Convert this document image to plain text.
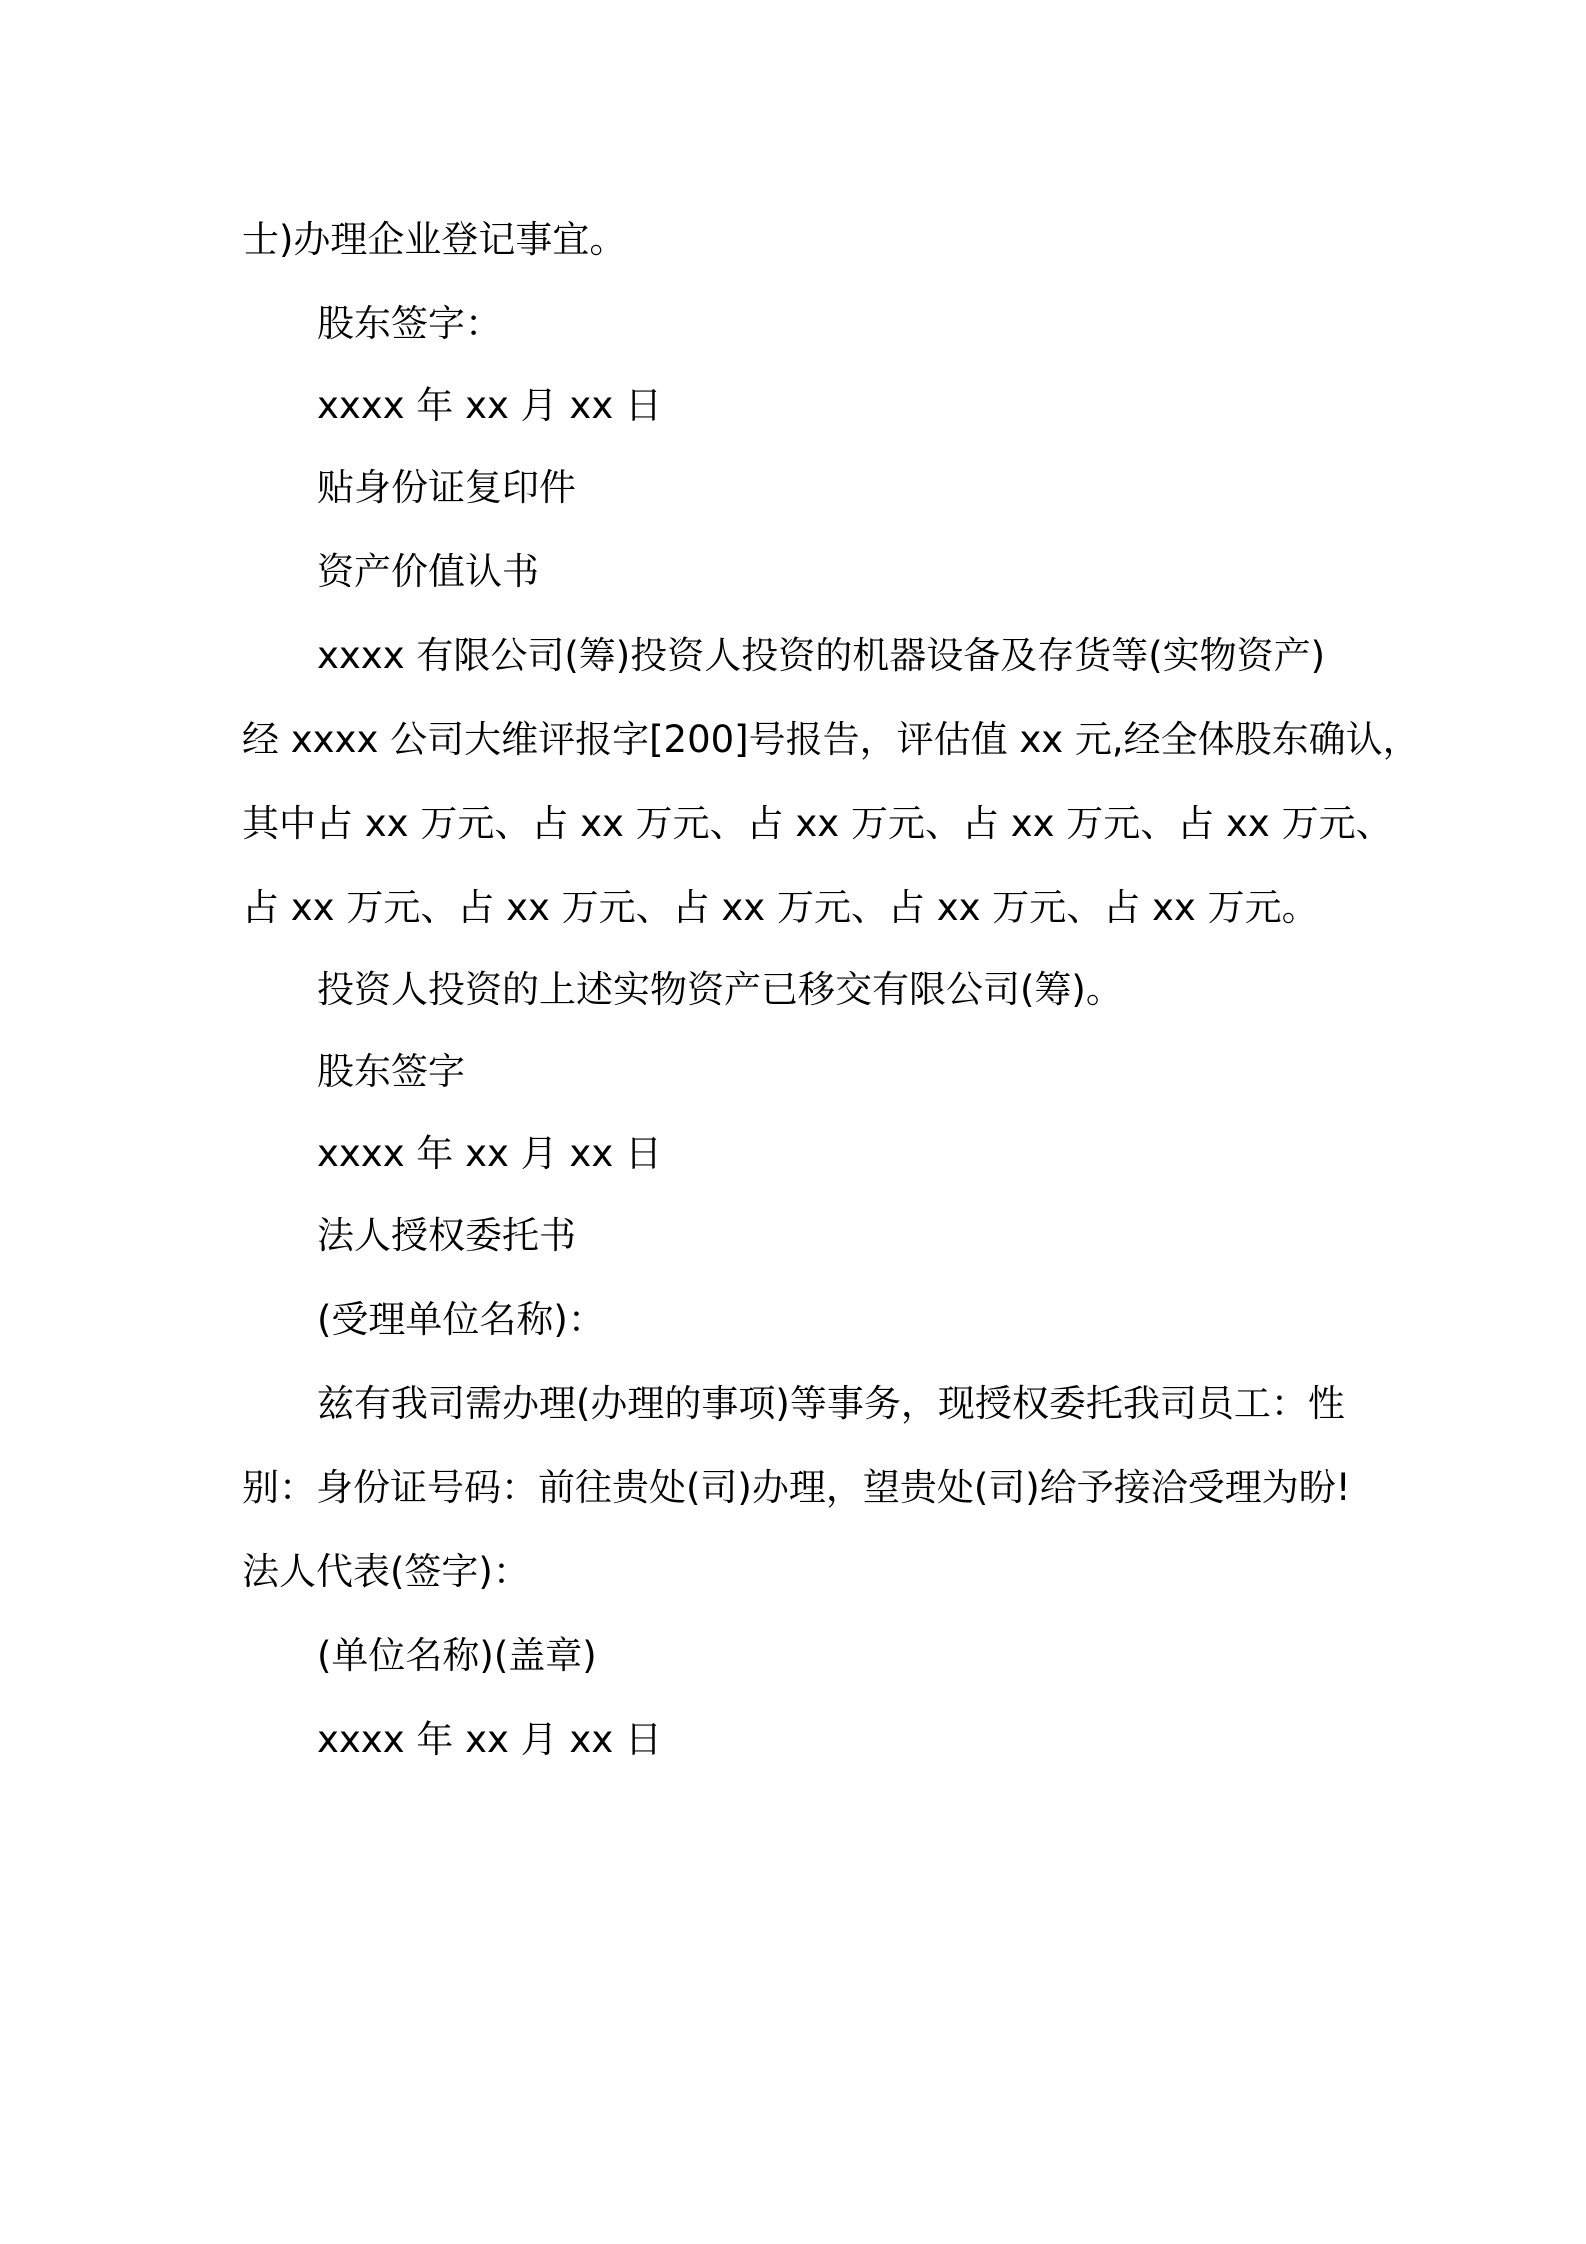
士)办理企业登记事宜。
股东签字：
xxxx 年 xx 月 xx 日
贴身份证复印件
资产价值认书
xxxx 有限公司(筹)投资人投资的机器设备及存货等(实物资产)
经 xxxx 公司大维评报字[200]号报告，评估值 xx 元,经全体股东确认，
其中占 xx 万元、占 xx 万元、占 xx 万元、占 xx 万元、占 xx 万元、
占 xx 万元、占 xx 万元、占 xx 万元、占 xx 万元、占 xx 万元。
投资人投资的上述实物资产已移交有限公司(筹)。
股东签字
xxxx 年 xx 月 xx 日
法人授权委托书
(受理单位名称)：
兹有我司需办理(办理的事项)等事务，现授权委托我司员工：性
别：身份证号码：前往贵处(司)办理，望贵处(司)给予接洽受理为盼!
法人代表(签字)：
(单位名称)(盖章)
xxxx 年 xx 月 xx 日
